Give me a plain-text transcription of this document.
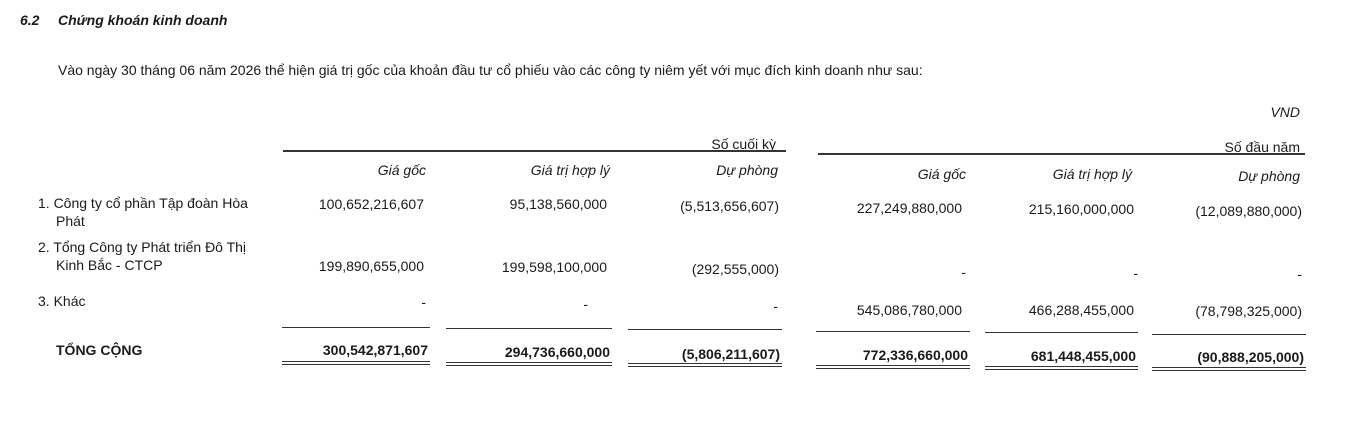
6.2 Chứng khoán kinh doanh
Vào ngày 30 tháng 06 năm 2026 thể hiện giá trị gốc của khoản đầu tư cổ phiếu vào các công ty niêm yết với mục đích kinh doanh như sau:
VND
Số cuối kỳ	Số đầu năm
Giá gốc	Giá trị hợp lý	Dự phòng	Giá gốc	Giá trị hợp lý	Dự phòng
1. Công ty cổ phần Tập đoàn Hòa
Phát
100,652,216,607	95,138,560,000	(5,513,656,607)	227,249,880,000	215,160,000,000	(12,089,880,000)
2. Tổng Công ty Phát triển Đô Thị
Kinh Bắc - CTCP	199,890,655,000	199,598,100,000	(292,555,000)	-	-	-
3. Khác	-	-	-	545,086,780,000	466,288,455,000	(78,798,325,000)
TỔNG CỘNG	300,542,871,607	294,736,660,000	(5,806,211,607)	772,336,660,000	681,448,455,000	(90,888,205,000)
